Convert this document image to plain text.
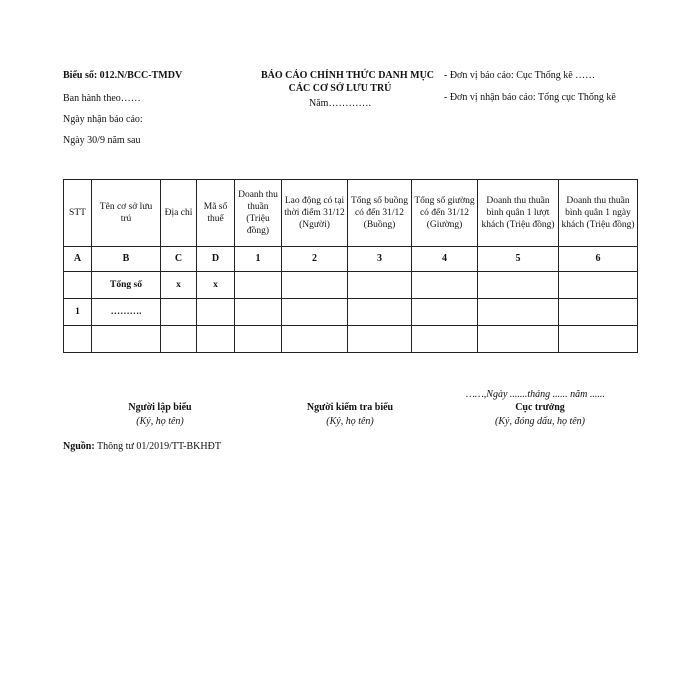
Biểu số: 012.N/BCC-TMDV
Ban hành theo……
Ngày nhận báo cáo:
Ngày 30/9 năm sau
BÁO CÁO CHÍNH THỨC DANH MỤC
CÁC CƠ SỞ LƯU TRÚ
Năm………….
- Đơn vị báo cáo: Cục Thống kê ……
- Đơn vị nhận báo cáo: Tổng cục Thống kê
STT	Tên cơ sở lưu trú	Địa chỉ	Mã số thuế	Doanh thu thuần (Triệu đồng)	Lao động có tại thời điểm 31/12 (Người)	Tổng số buồng có đến 31/12 (Buồng)	Tổng số giường có đến 31/12 (Giường)	Doanh thu thuần bình quân 1 lượt khách (Triệu đồng)	Doanh thu thuần bình quân 1 ngày khách (Triệu đồng)
A	B	C	D	1	2	3	4	5	6
	Tổng số	x	x						
1	……….								

……,Ngày .......tháng ...... năm ......
Người lập biểu
(Ký, họ tên)
Người kiểm tra biểu
(Ký, họ tên)
Cục trưởng
(Ký, đóng dấu, họ tên)
Nguồn: Thông tư 01/2019/TT-BKHĐT
